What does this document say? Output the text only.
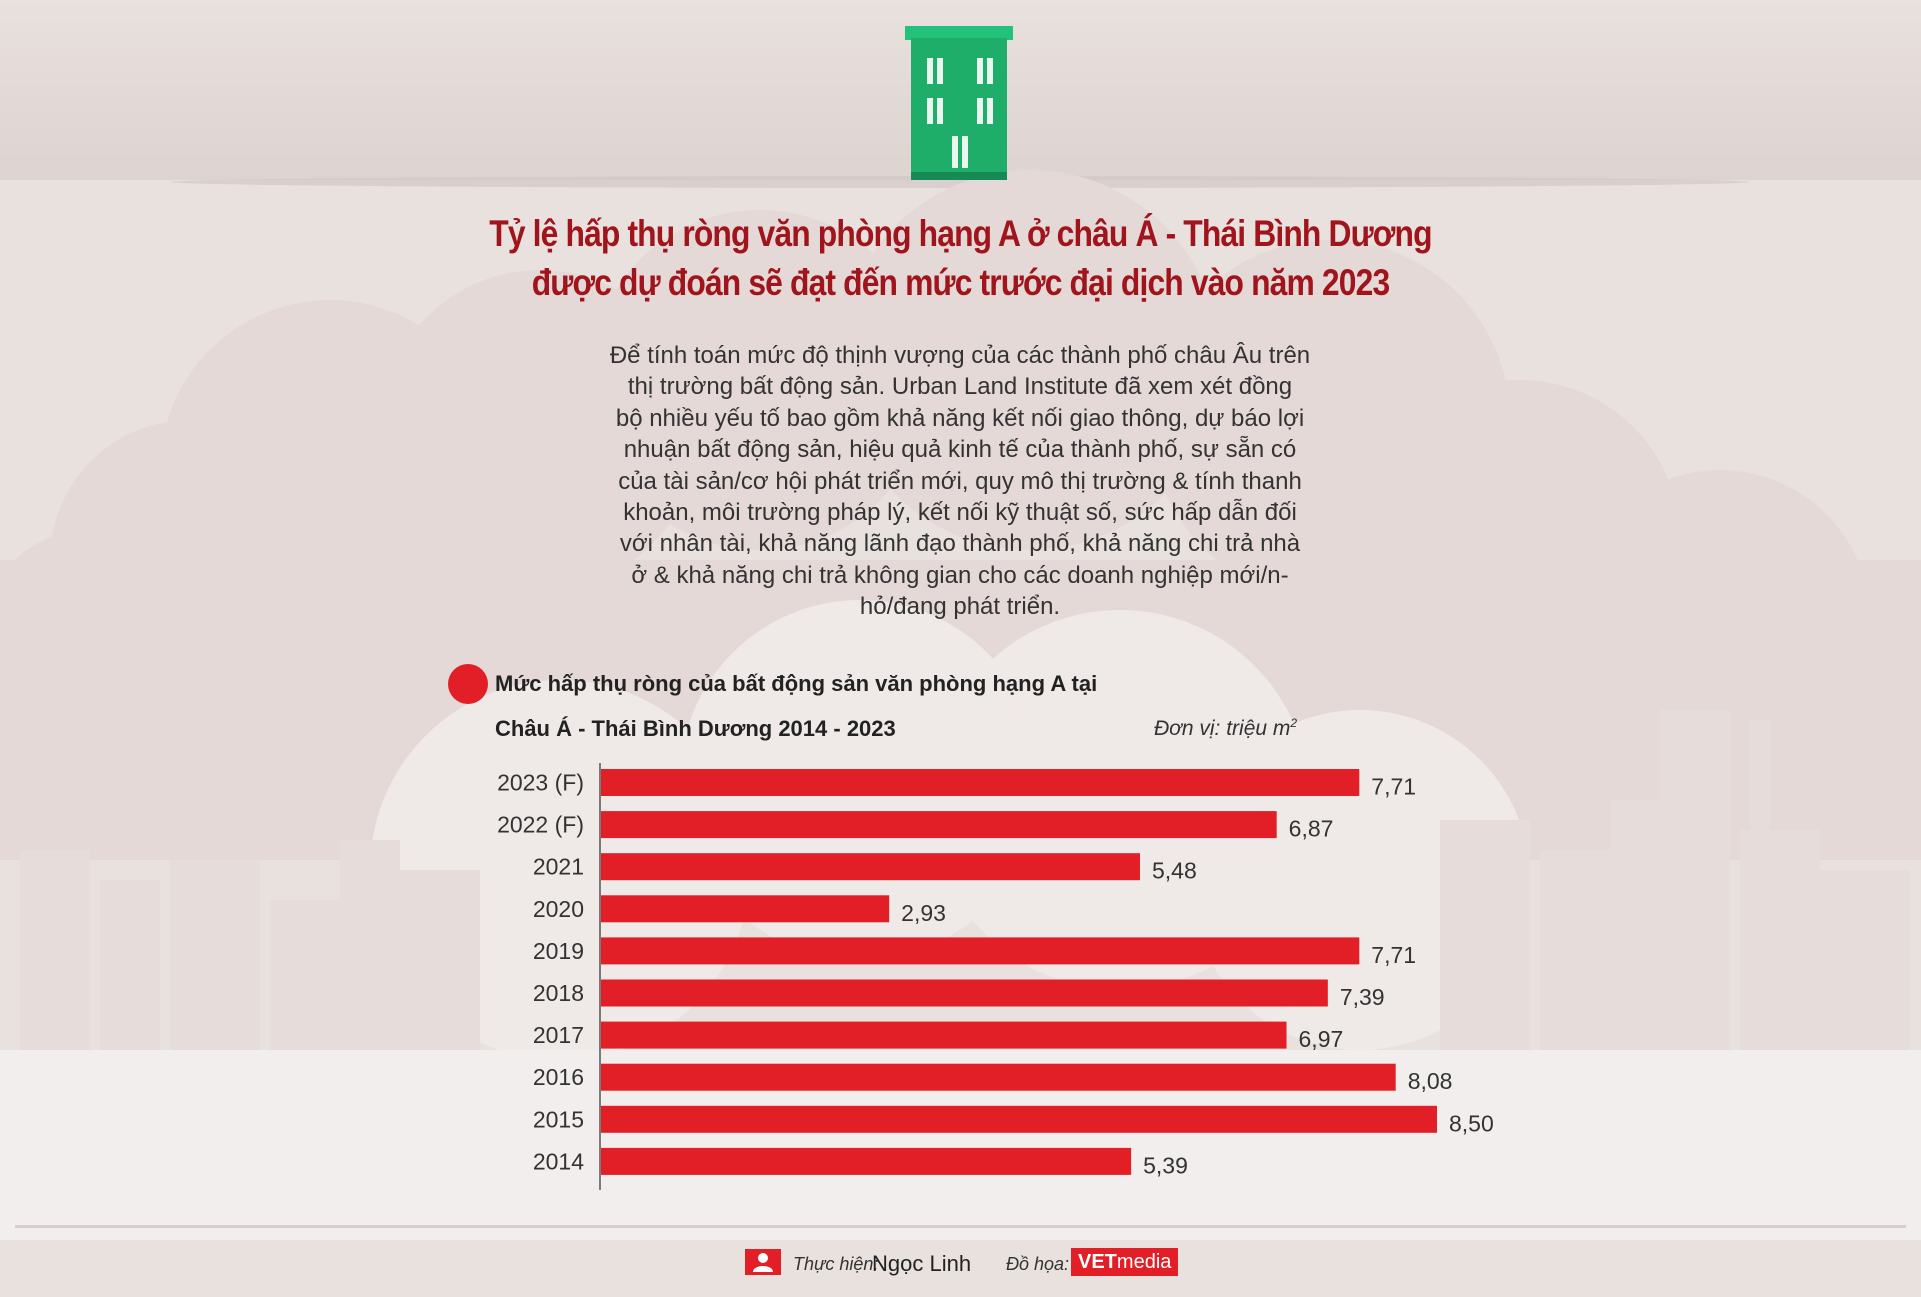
Tỷ lệ hấp thụ ròng văn phòng hạng A ở châu Á - Thái Bình Dương
được dự đoán sẽ đạt đến mức trước đại dịch vào năm 2023
Để tính toán mức độ thịnh vượng của các thành phố châu Âu trên
thị trường bất động sản. Urban Land Institute đã xem xét đồng
bộ nhiều yếu tố bao gồm khả năng kết nối giao thông, dự báo lợi
nhuận bất động sản, hiệu quả kinh tế của thành phố, sự sẵn có
của tài sản/cơ hội phát triển mới, quy mô thị trường & tính thanh
khoản, môi trường pháp lý, kết nối kỹ thuật số, sức hấp dẫn đối
với nhân tài, khả năng lãnh đạo thành phố, khả năng chi trả nhà
ở & khả năng chi trả không gian cho các doanh nghiệp mới/n-
hỏ/đang phát triển.
Mức hấp thụ ròng của bất động sản văn phòng hạng A tại
Châu Á - Thái Bình Dương 2014 - 2023	Đơn vị: triệu $m^2$
2023 (F)	7,71
2022 (F)	6,87
2021	5,48
2020	2,93
2019	7,71
2018	7,39
2017	6,97
2016	8,08
2015	8,50
2014	5,39
Thực hiện:
Ngọc Linh Đồ họa: VETmedia
